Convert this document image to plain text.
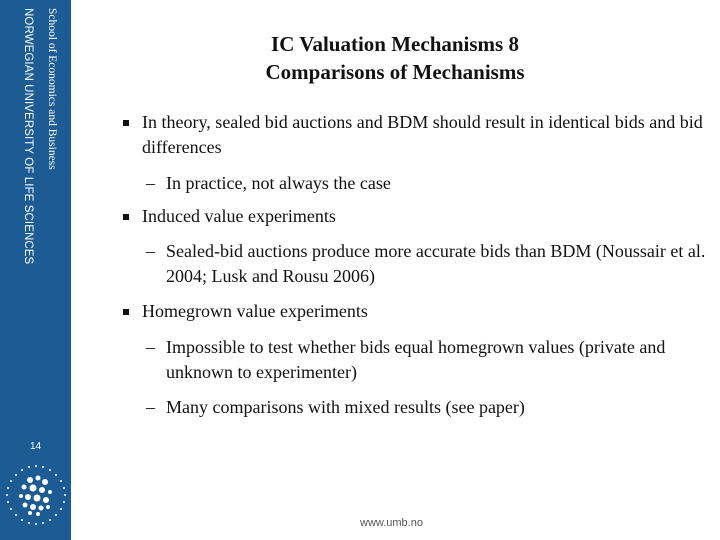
NORWEGIAN UNIVERSITY OF LIFE SCIENCES School of Economics and Business
14
IC Valuation Mechanisms 8
Comparisons of Mechanisms
In theory, sealed bid auctions and BDM should result in identical bids and bid differences
– In practice, not always the case
Induced value experiments
– Sealed-bid auctions produce more accurate bids than BDM (Noussair et al. 2004; Lusk and Rousu 2006)
Homegrown value experiments
– Impossible to test whether bids equal homegrown values (private and unknown to experimenter)
– Many comparisons with mixed results (see paper)
www.umb.no
